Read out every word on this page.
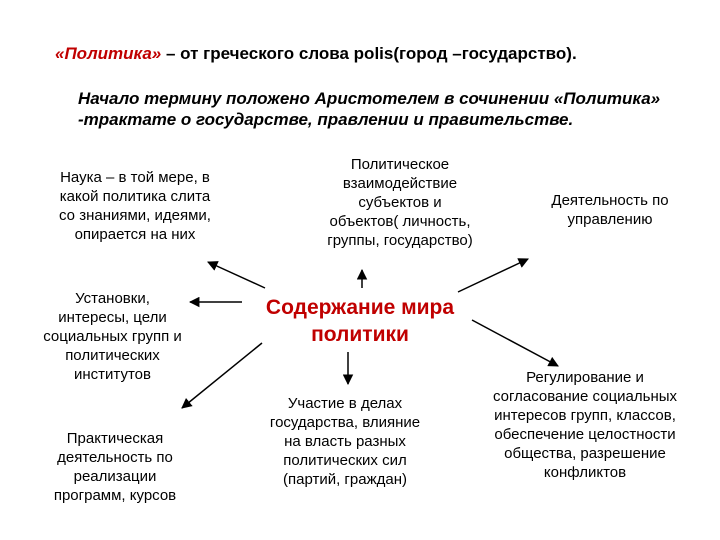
«Политика» – от греческого слова polis(город –государство).
Начало термину положено Аристотелем в сочинении «Политика» -трактате о государстве, правлении и правительстве.
Содержание мира
политики
Наука – в той мере, в
какой политика слита
со знаниями, идеями,
опирается на них
Политическое
взаимодействие
субъектов и
объектов( личность,
группы, государство)
Деятельность по
управлению
Установки,
интересы, цели
социальных групп и
политических
институтов
Практическая
деятельность по
реализации
программ, курсов
Участие в делах
государства, влияние
на власть разных
политических сил
(партий, граждан)
Регулирование и
согласование социальных
интересов групп, классов,
обеспечение целостности
общества, разрешение
конфликтов
